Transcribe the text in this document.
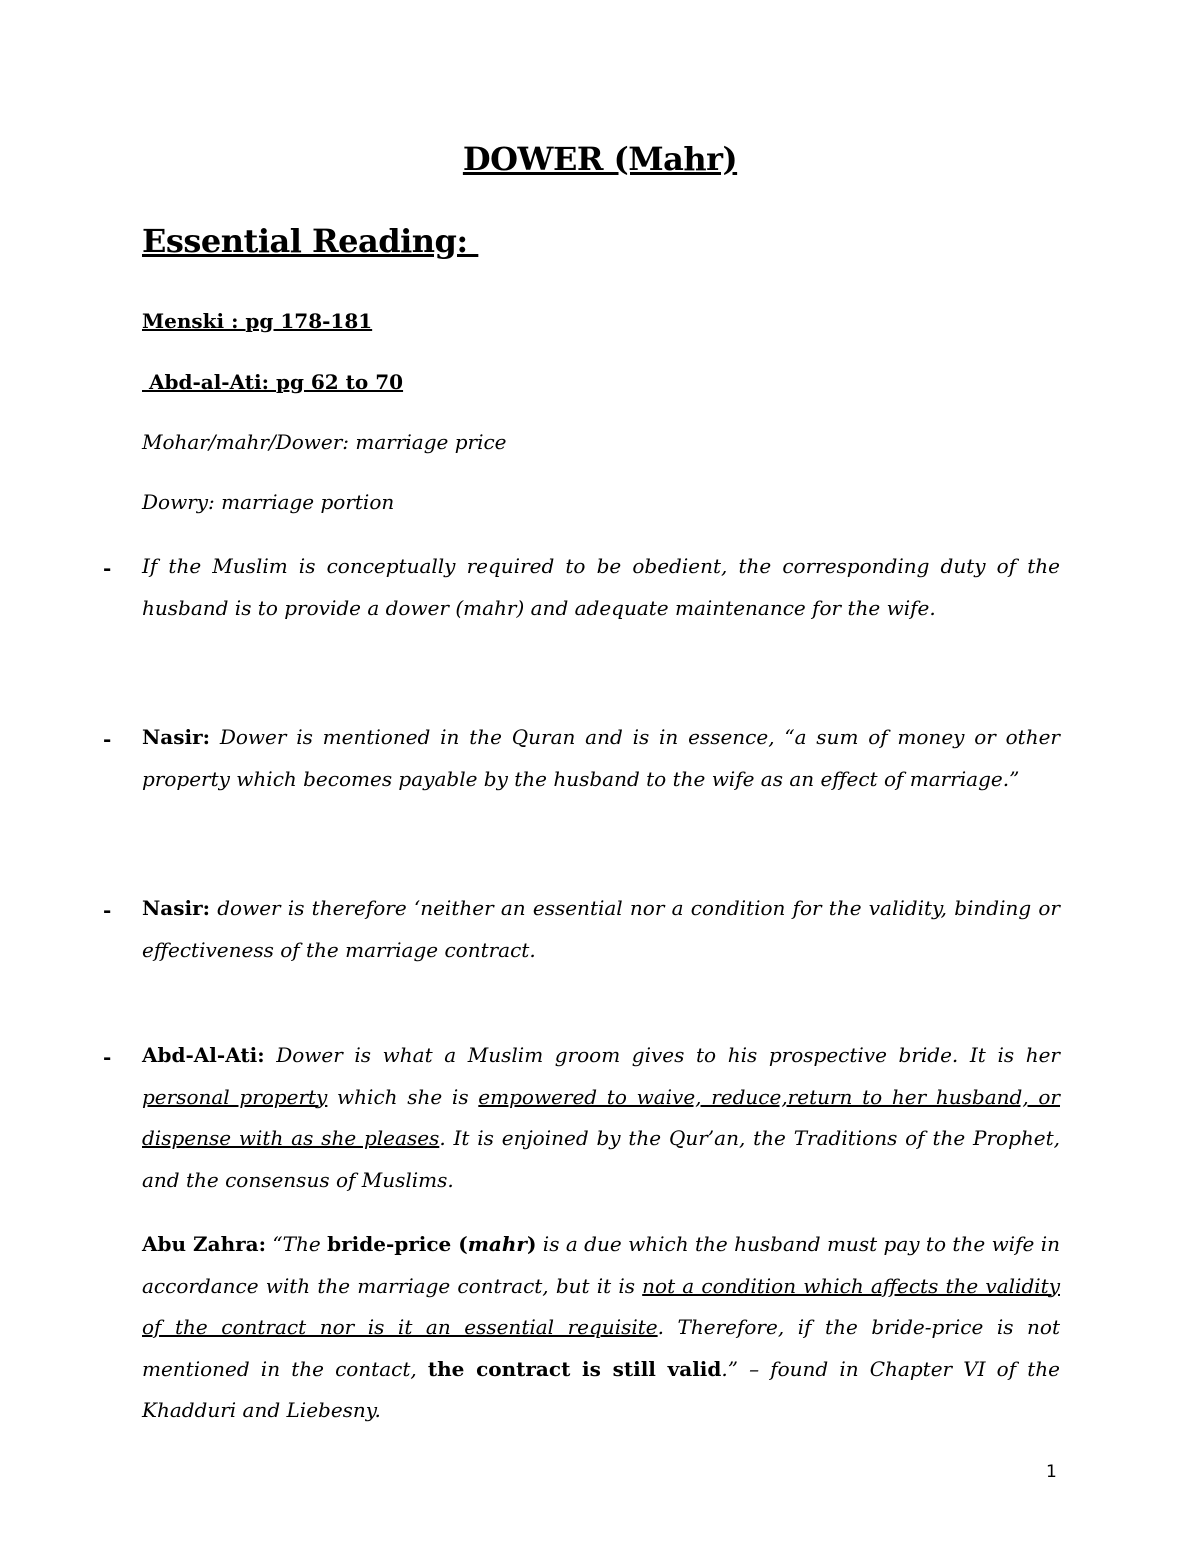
DOWER (Mahr)
Essential Reading:
Menski : pg 178-181
Abd-al-Ati: pg 62 to 70
Mohar/mahr/Dower: marriage price
Dowry: marriage portion
- If the Muslim is conceptually required to be obedient, the corresponding duty of the husband is to provide a dower (mahr) and adequate maintenance for the wife.
- Nasir: Dower is mentioned in the Quran and is in essence, “a sum of money or other property which becomes payable by the husband to the wife as an effect of marriage.”
- Nasir: dower is therefore ‘neither an essential nor a condition for the validity, binding or effectiveness of the marriage contract.
- Abd-Al-Ati: Dower is what a Muslim groom gives to his prospective bride. It is her personal property which she is empowered to waive, reduce,return to her husband, or dispense with as she pleases. It is enjoined by the Qur’an, the Traditions of the Prophet, and the consensus of Muslims.
Abu Zahra: “The bride-price (mahr) is a due which the husband must pay to the wife in accordance with the marriage contract, but it is not a condition which affects the validity of the contract nor is it an essential requisite. Therefore, if the bride-price is not mentioned in the contact, the contract is still valid.” – found in Chapter VI of the Khadduri and Liebesny.
1
